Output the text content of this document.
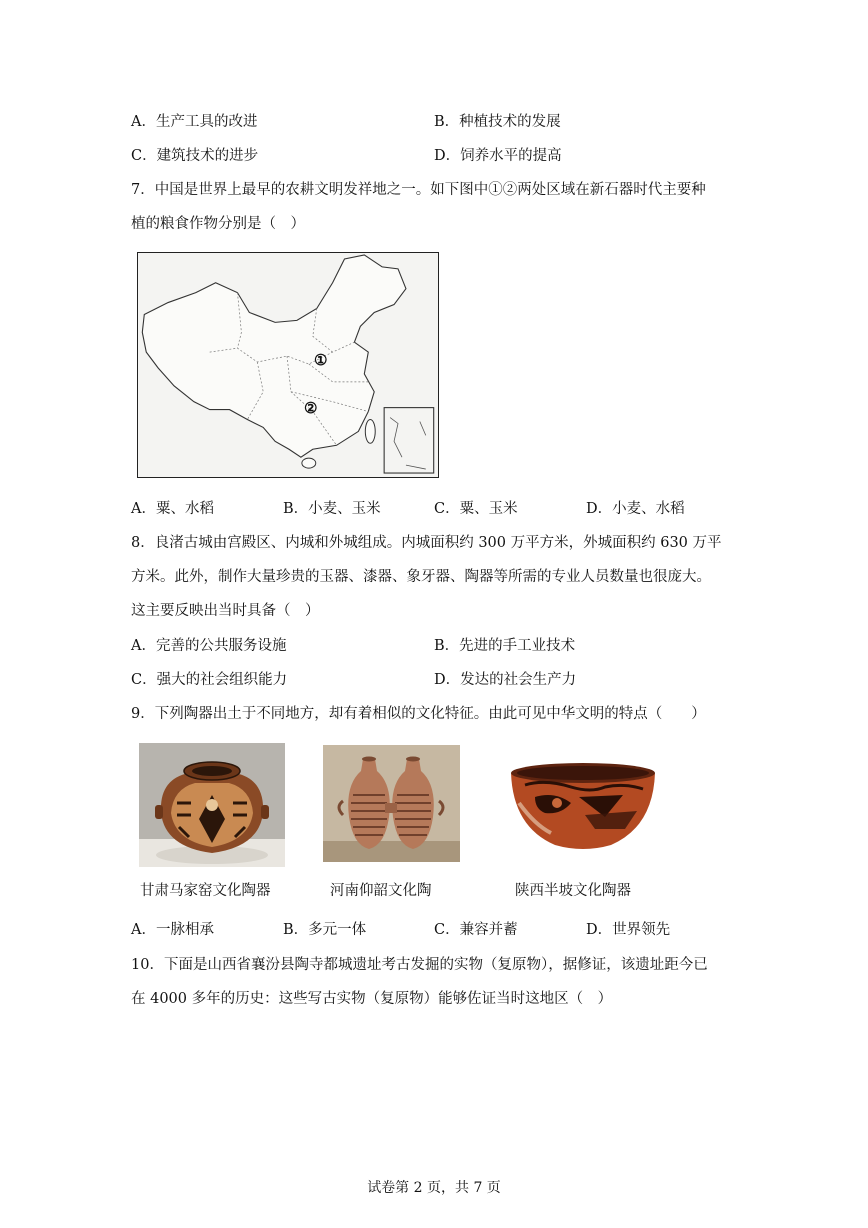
A．生产工具的改进	B．种植技术的发展
C．建筑技术的进步	D．饲养水平的提高
7．中国是世界上最早的农耕文明发祥地之一。如下图中①②两处区域在新石器时代主要种
植的粮食作物分别是（　）
①
②
A．粟、水稻	B．小麦、玉米	C．粟、玉米	D．小麦、水稻
8．良渚古城由宫殿区、内城和外城组成。内城面积约 300 万平方米，外城面积约 630 万平
方米。此外，制作大量珍贵的玉器、漆器、象牙器、陶器等所需的专业人员数量也很庞大。
这主要反映出当时具备（　）
A．完善的公共服务设施	B．先进的手工业技术
C．强大的社会组织能力	D．发达的社会生产力
9．下列陶器出土于不同地方，却有着相似的文化特征。由此可见中华文明的特点（　　）
甘肃马家窑文化陶器	河南仰韶文化陶	陕西半坡文化陶器
A．一脉相承	B．多元一体	C．兼容并蓄	D．世界领先
10．下面是山西省襄汾县陶寺都城遗址考古发掘的实物（复原物），据修证，该遗址距今已
在 4000 多年的历史：这些写古实物（复原物）能够佐证当时这地区（　）
试卷第 2 页，共 7 页
